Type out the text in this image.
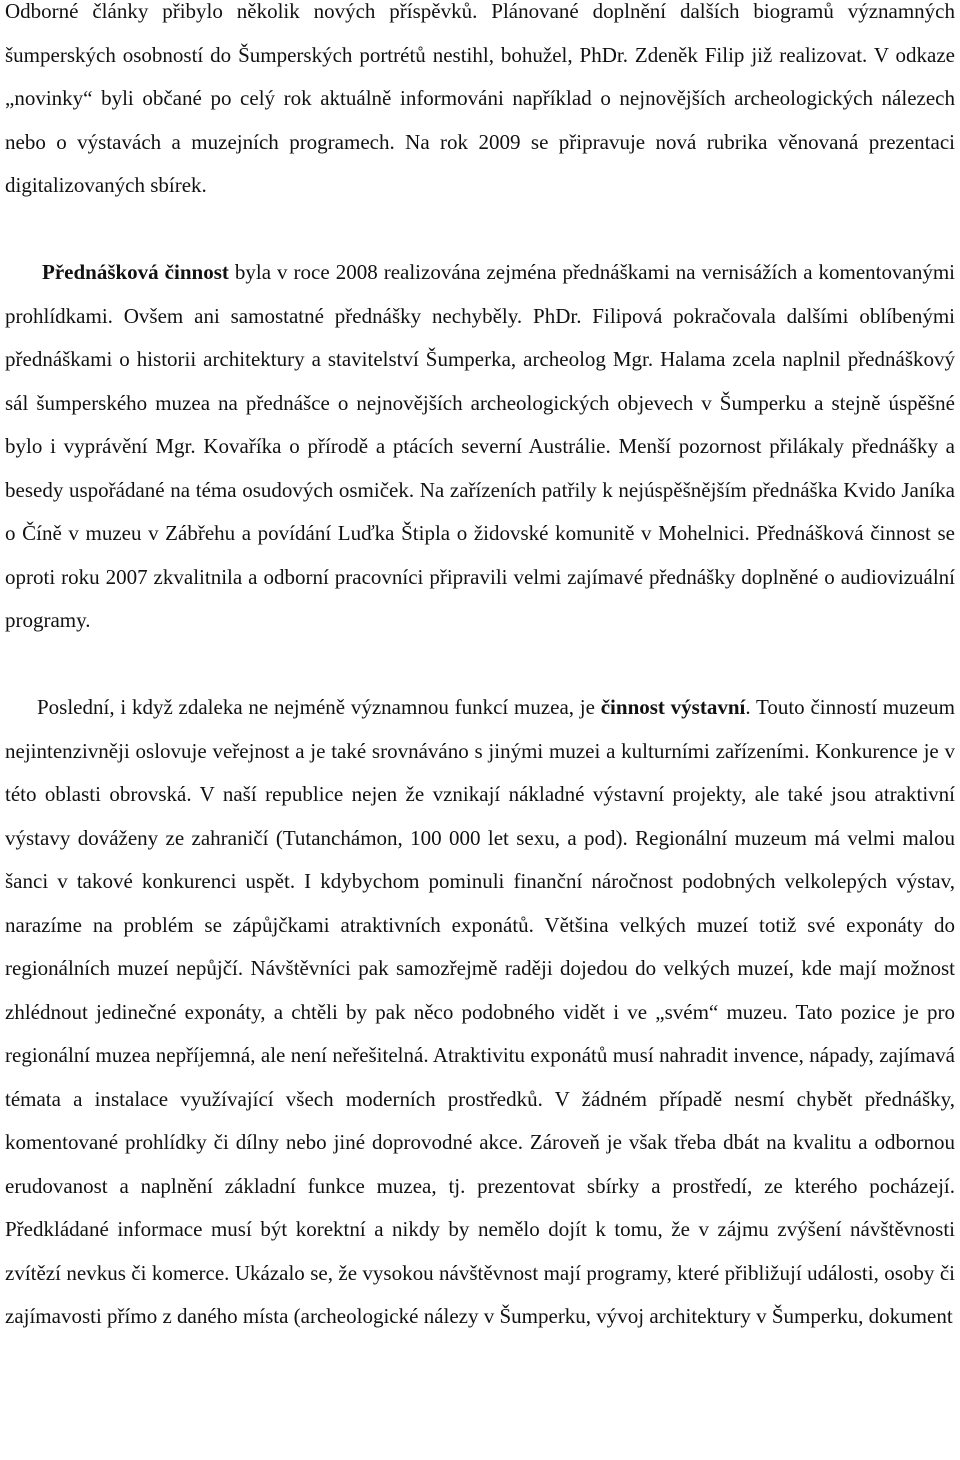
Odborné články přibylo několik nových příspěvků. Plánované doplnění dalších biogramů významných šumperských osobností do Šumperských portrétů nestihl, bohužel, PhDr. Zdeněk Filip již realizovat. V odkaze „novinky“ byli občané po celý rok aktuálně informováni například o nejnovějších archeologických nálezech nebo o výstavách a muzejních programech. Na rok 2009 se připravuje nová rubrika věnovaná prezentaci digitalizovaných sbírek.

Přednášková činnost byla v roce 2008 realizována zejména přednáškami na vernisážích a komentovanými prohlídkami. Ovšem ani samostatné přednášky nechyběly. PhDr. Filipová pokračovala dalšími oblíbenými přednáškami o historii architektury a stavitelství Šumperka, archeolog Mgr. Halama zcela naplnil přednáškový sál šumperského muzea na přednášce o nejnovějších archeologických objevech v Šumperku a stejně úspěšné bylo i vyprávění Mgr. Kovaříka o přírodě a ptácích severní Austrálie. Menší pozornost přilákaly přednášky a besedy uspořádané na téma osudových osmiček. Na zařízeních patřily k nejúspěšnějším přednáška Kvido Janíka o Číně v muzeu v Zábřehu a povídání Luďka Štipla o židovské komunitě v Mohelnici. Přednášková činnost se oproti roku 2007 zkvalitnila a odborní pracovníci připravili velmi zajímavé přednášky doplněné o audiovizuální programy.

Poslední, i když zdaleka ne nejméně významnou funkcí muzea, je činnost výstavní. Touto činností muzeum nejintenzivněji oslovuje veřejnost a je také srovnáváno s jinými muzei a kulturními zařízeními. Konkurence je v této oblasti obrovská. V naší republice nejen že vznikají nákladné výstavní projekty, ale také jsou atraktivní výstavy dováženy ze zahraničí (Tutanchámon, 100 000 let sexu, a pod). Regionální muzeum má velmi malou šanci v takové konkurenci uspět. I kdybychom pominuli finanční náročnost podobných velkolepých výstav, narazíme na problém se zápůjčkami atraktivních exponátů. Většina velkých muzeí totiž své exponáty do regionálních muzeí nepůjčí. Návštěvníci pak samozřejmě raději dojedou do velkých muzeí, kde mají možnost zhlédnout jedinečné exponáty, a chtěli by pak něco podobného vidět i ve „svém“ muzeu. Tato pozice je pro regionální muzea nepříjemná, ale není neřešitelná. Atraktivitu exponátů musí nahradit invence, nápady, zajímavá témata a instalace využívající všech moderních prostředků. V žádném případě nesmí chybět přednášky, komentované prohlídky či dílny nebo jiné doprovodné akce. Zároveň je však třeba dbát na kvalitu a odbornou erudovanost a naplnění základní funkce muzea, tj. prezentovat sbírky a prostředí, ze kterého pocházejí. Předkládané informace musí být korektní a nikdy by nemělo dojít k tomu, že v zájmu zvýšení návštěvnosti zvítězí nevkus či komerce. Ukázalo se, že vysokou návštěvnost mají programy, které přibližují události, osoby či zajímavosti přímo z daného místa (archeologické nálezy v Šumperku, vývoj architektury v Šumperku, dokument
